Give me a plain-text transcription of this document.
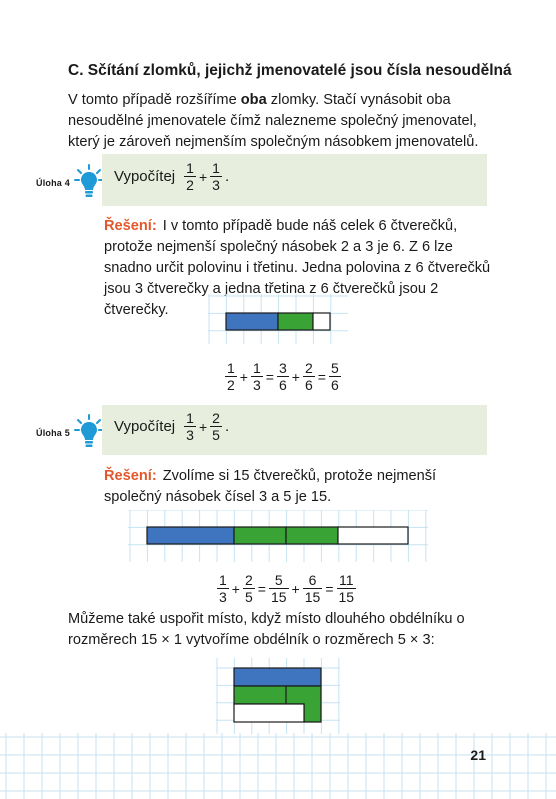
C. Sčítání zlomků, jejichž jmenovatelé jsou čísla nesoudělná
V tomto případě rozšíříme oba zlomky. Stačí vynásobit oba nesoudělné jmenovatele čímž nalezneme společný jmenovatel, který je zároveň nejmenším společným násobkem jmenovatelů.
Úloha 4	Vypočítej $\frac{1}{2} + \frac{1}{3}$ .
Řešení: I v tomto případě bude náš celek 6 čtverečků, protože nejmenší společný násobek 2 a 3 je 6. Z 6 lze snadno určit polovinu i třetinu. Jedna polovina z 6 čtverečků jsou 3 čtverečky a jedna třetina z 6 čtverečků jsou 2 čtverečky.
$\frac{1}{2} + \frac{1}{3} = \frac{3}{6} + \frac{2}{6} = \frac{5}{6}$
Úloha 5	Vypočítej $\frac{1}{3} + \frac{2}{5}$ .
Řešení: Zvolíme si 15 čtverečků, protože nejmenší společný násobek čísel 3 a 5 je 15.
$\frac{1}{3} + \frac{2}{5} = \frac{5}{15} + \frac{6}{15} = \frac{11}{15}$
Můžeme také uspořit místo, když místo dlouhého obdélníku o rozměrech 15 × 1 vytvoříme obdélník o rozměrech 5 × 3:
21
